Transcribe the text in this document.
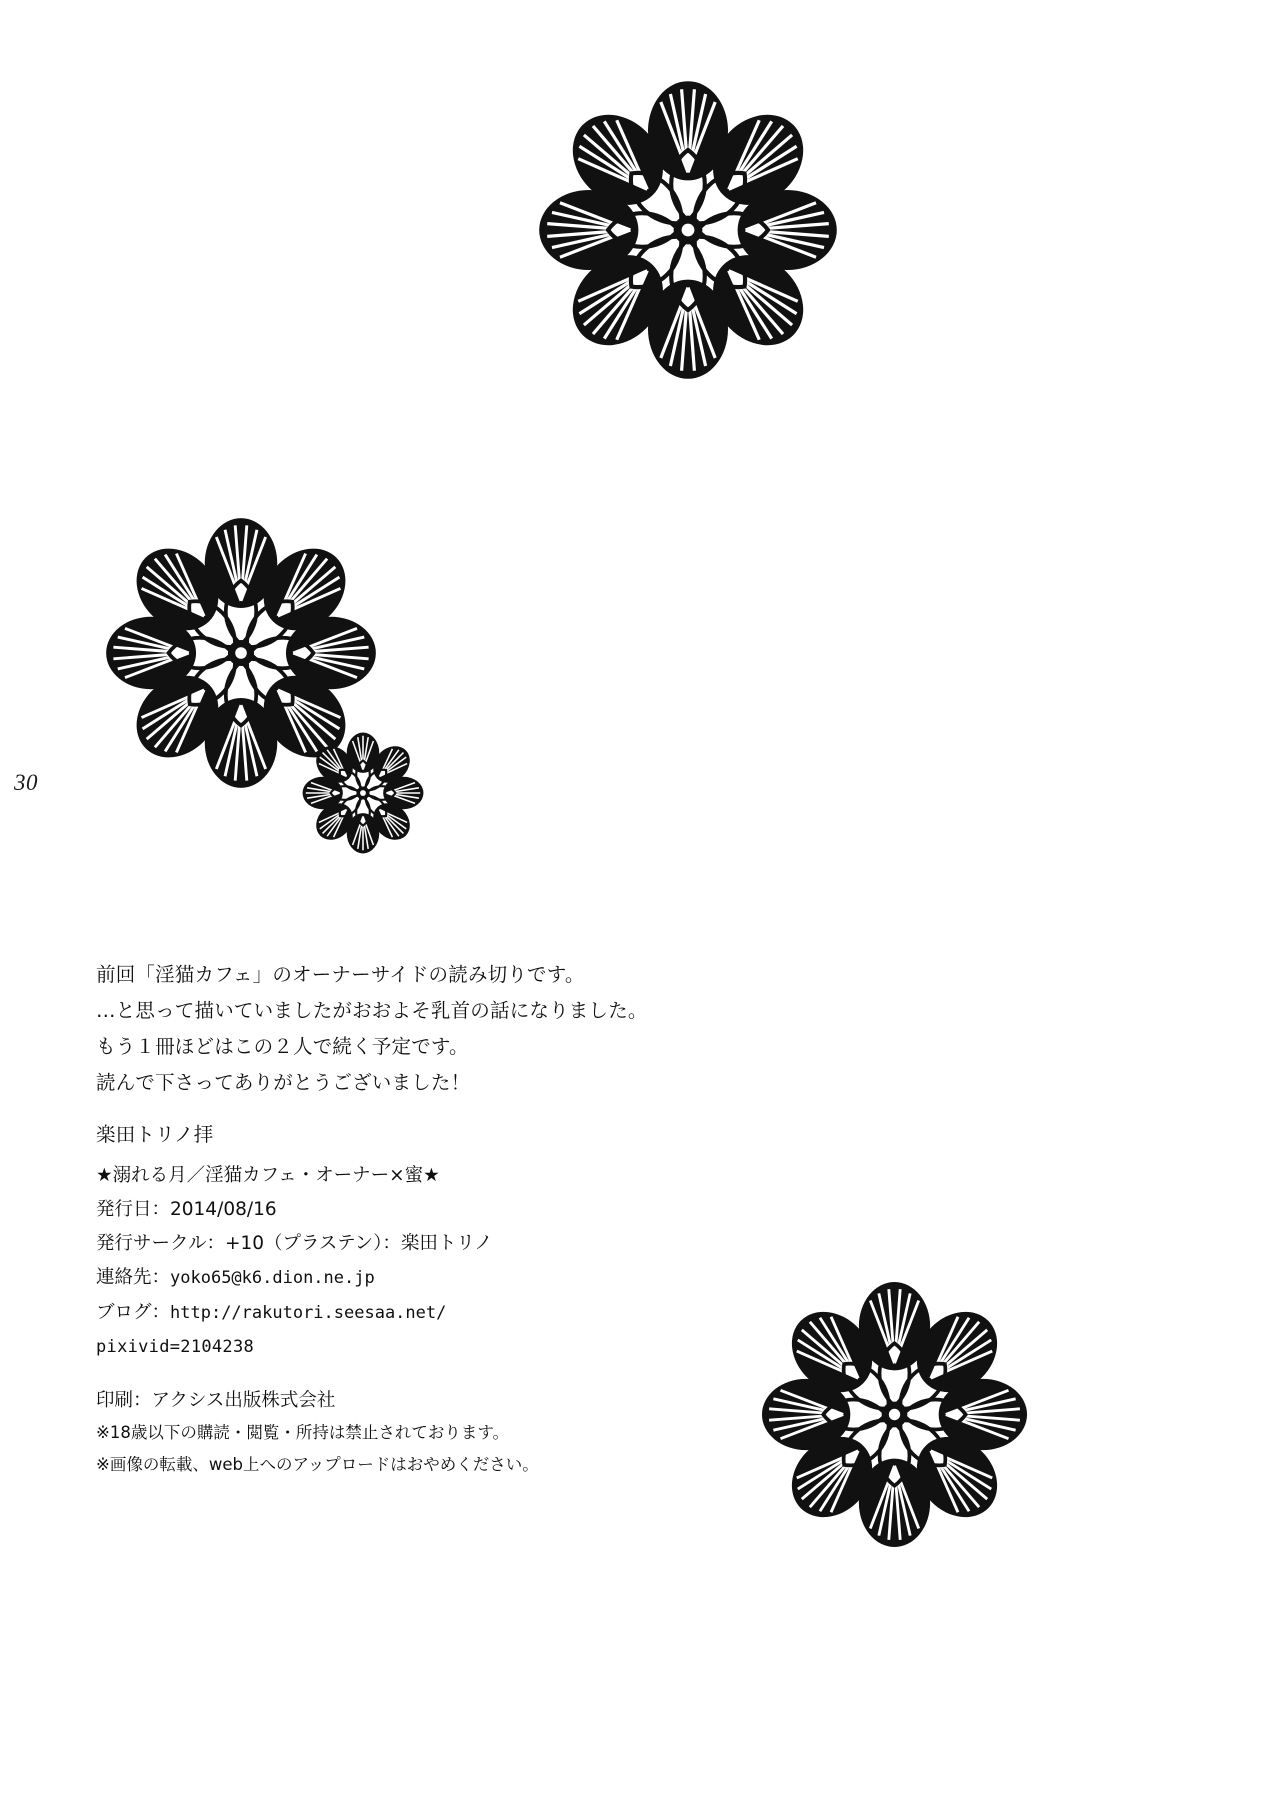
30

前回「淫猫カフェ」のオーナーサイドの読み切りです。

…と思って描いていましたがおおよそ乳首の話になりました。

もう１冊ほどはこの２人で続く予定です。

読んで下さってありがとうございました！

楽田トリノ拝

★溺れる月／淫猫カフェ・オーナー×蜜★

発行日：2014/08/16

発行サークル：+10（プラステン）：楽田トリノ

連絡先：yoko65@k6.dion.ne.jp

ブログ：http://rakutori.seesaa.net/

pixivid=2104238

印刷：アクシス出版株式会社

※18歳以下の購読・閲覧・所持は禁止されております。

※画像の転載、web上へのアップロードはおやめください。
